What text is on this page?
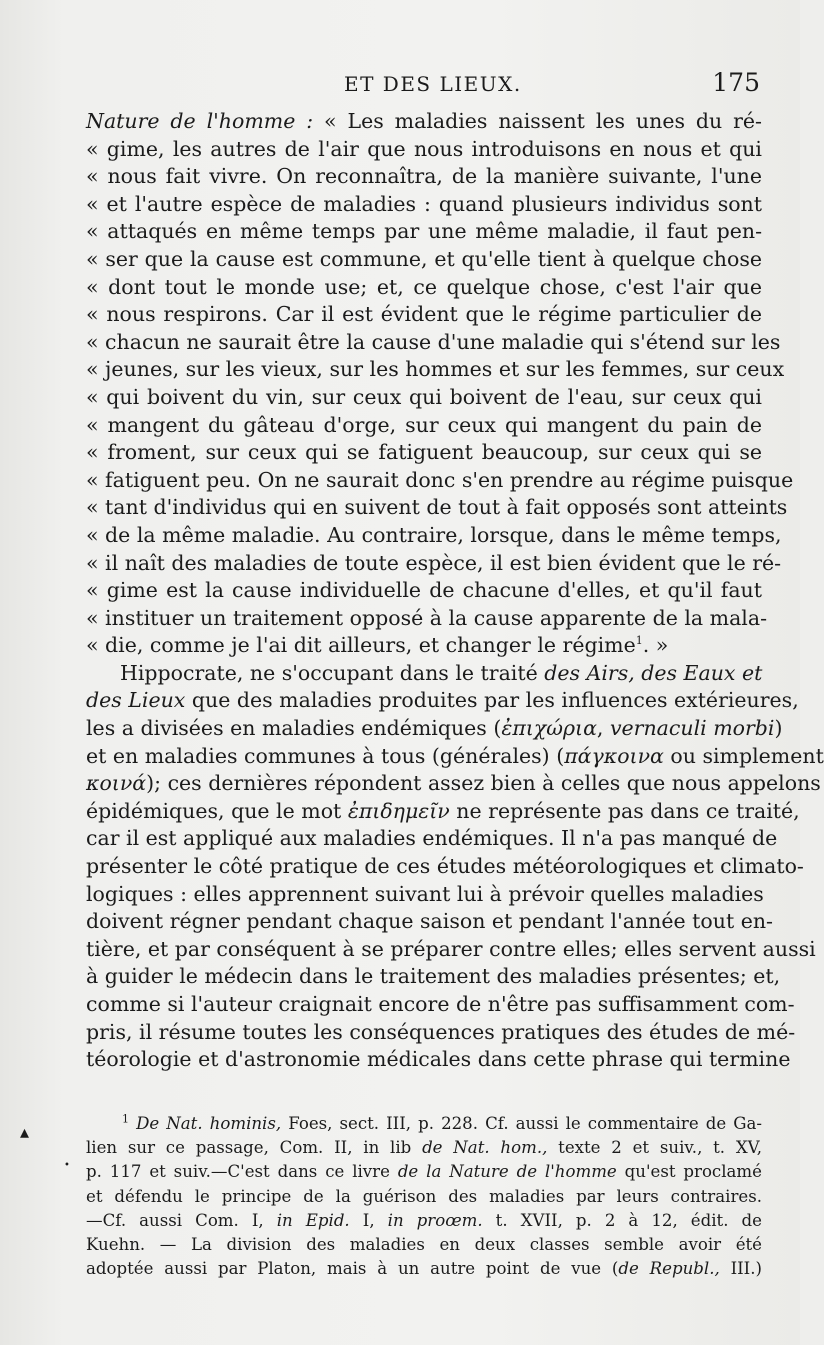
ET DES LIEUX.	175
Nature de l'homme : « Les maladies naissent les unes du ré-
« gime, les autres de l'air que nous introduisons en nous et qui
« nous fait vivre. On reconnaîtra, de la manière suivante, l'une
« et l'autre espèce de maladies : quand plusieurs individus sont
« attaqués en même temps par une même maladie, il faut pen-
« ser que la cause est commune, et qu'elle tient à quelque chose
« dont tout le monde use; et, ce quelque chose, c'est l'air que
« nous respirons. Car il est évident que le régime particulier de
« chacun ne saurait être la cause d'une maladie qui s'étend sur les
« jeunes, sur les vieux, sur les hommes et sur les femmes, sur ceux
« qui boivent du vin, sur ceux qui boivent de l'eau, sur ceux qui
« mangent du gâteau d'orge, sur ceux qui mangent du pain de
« froment, sur ceux qui se fatiguent beaucoup, sur ceux qui se
« fatiguent peu. On ne saurait donc s'en prendre au régime puisque
« tant d'individus qui en suivent de tout à fait opposés sont atteints
« de la même maladie. Au contraire, lorsque, dans le même temps,
« il naît des maladies de toute espèce, il est bien évident que le ré-
« gime est la cause individuelle de chacune d'elles, et qu'il faut
« instituer un traitement opposé à la cause apparente de la mala-
« die, comme je l'ai dit ailleurs, et changer le régime$^1$. »
Hippocrate, ne s'occupant dans le traité des Airs, des Eaux et
des Lieux que des maladies produites par les influences extérieures,
les a divisées en maladies endémiques (ἐπιχώρια, vernaculi morbi)
et en maladies communes à tous (générales) (πάγκοινα ou simplement
κοινά); ces dernières répondent assez bien à celles que nous appelons
épidémiques, que le mot ἐπιδημεῖν ne représente pas dans ce traité,
car il est appliqué aux maladies endémiques. Il n'a pas manqué de
présenter le côté pratique de ces études météorologiques et climato-
logiques : elles apprennent suivant lui à prévoir quelles maladies
doivent régner pendant chaque saison et pendant l'année tout en-
tière, et par conséquent à se préparer contre elles; elles servent aussi
à guider le médecin dans le traitement des maladies présentes; et,
comme si l'auteur craignait encore de n'être pas suffisamment com-
pris, il résume toutes les conséquences pratiques des études de mé-
téorologie et d'astronomie médicales dans cette phrase qui termine
▴
•
$^1$ De Nat. hominis, Foes, sect. III, p. 228. Cf. aussi le commentaire de Ga-
lien sur ce passage, Com. II, in lib de Nat. hom., texte 2 et suiv., t. XV,
p. 117 et suiv.—C'est dans ce livre de la Nature de l'homme qu'est proclamé
et défendu le principe de la guérison des maladies par leurs contraires.
—Cf. aussi Com. I, in Epid. I, in proœm. t. XVII, p. 2 à 12, édit. de
Kuehn. — La division des maladies en deux classes semble avoir été
adoptée aussi par Platon, mais à un autre point de vue (de Republ., III.)
